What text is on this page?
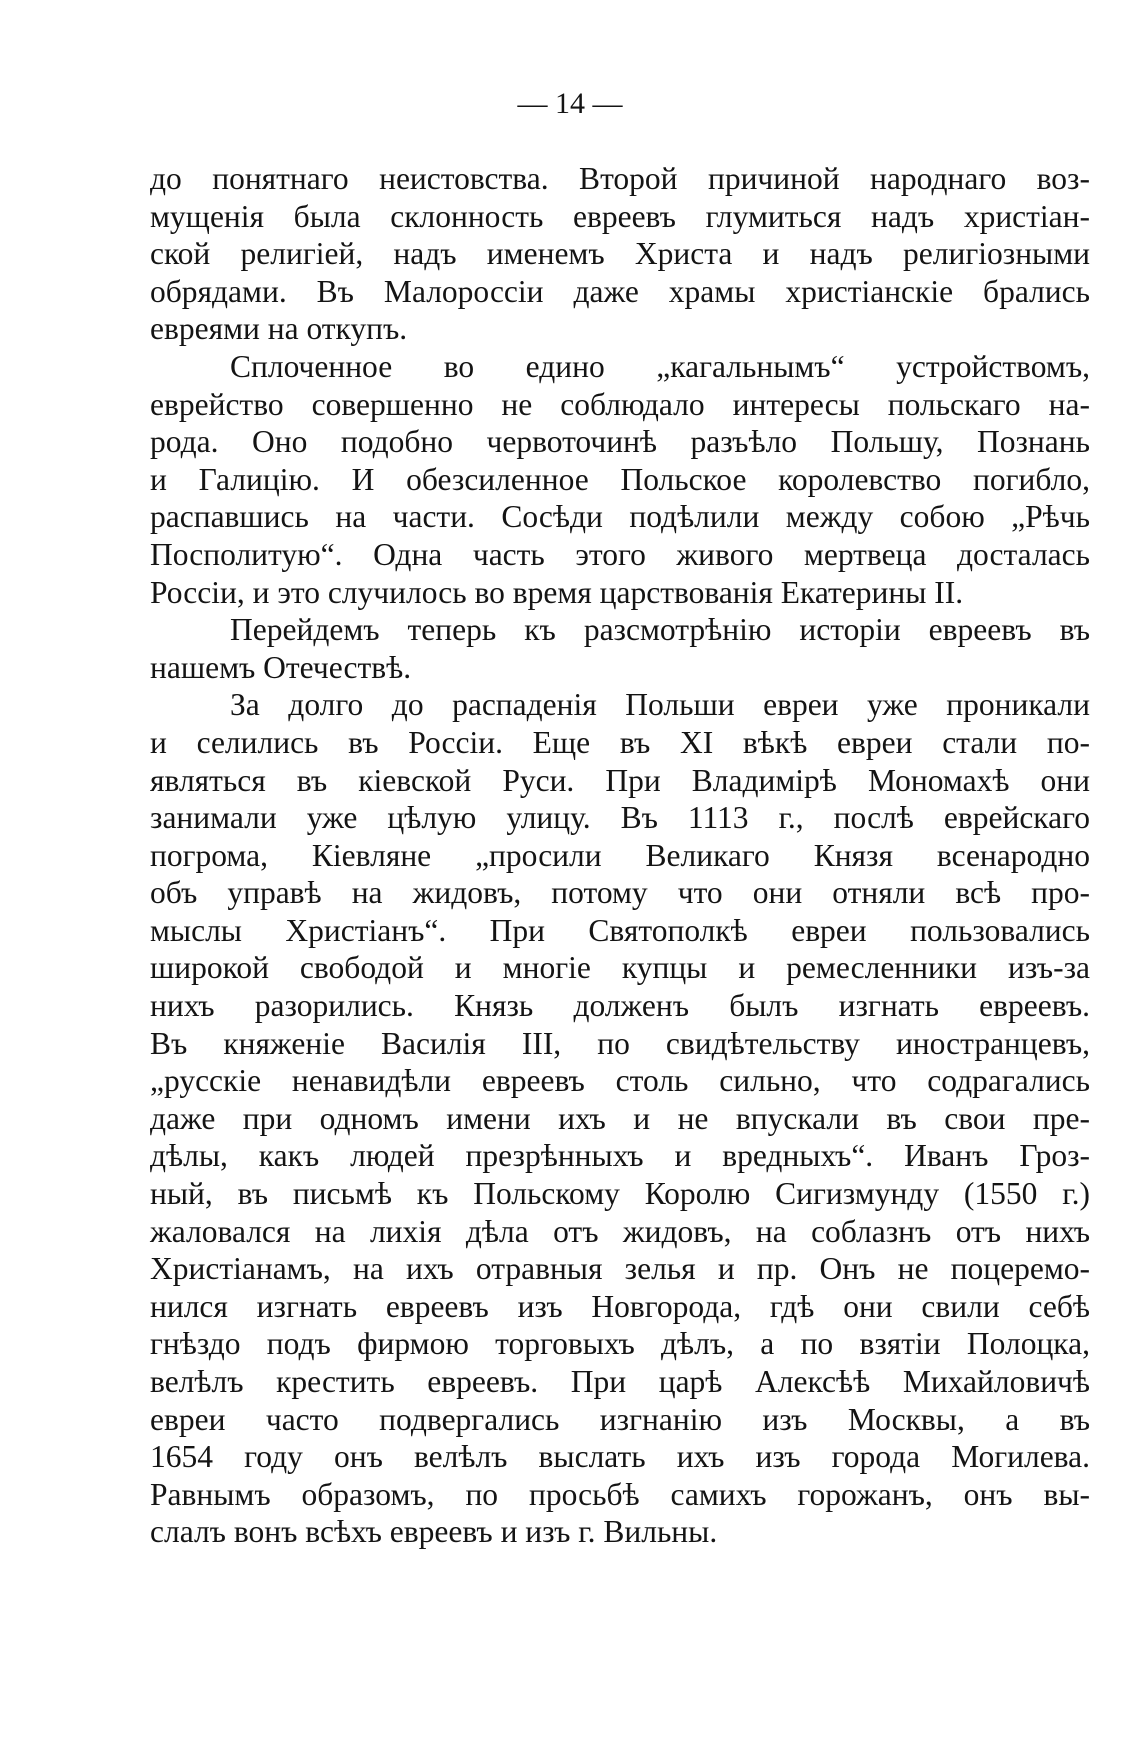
— 14 —
до понятнаго неистовства. Второй причиной народнаго воз-
мущенія была склонность евреевъ глумиться надъ христіан-
ской религіей, надъ именемъ Христа и надъ религіозными
обрядами. Въ Малороссіи даже храмы христіанскіе брались
евреями на откупъ.
Сплоченное во едино „кагальнымъ“ устройствомъ,
еврейство совершенно не соблюдало интересы польскаго на-
рода. Оно подобно червоточинѣ разъѣло Польшу, Познань
и Галицію. И обезсиленное Польское королевство погибло,
распавшись на части. Сосѣди подѣлили между собою „Рѣчь
Посполитую“. Одна часть этого живого мертвеца досталась
Россіи, и это случилось во время царствованія Екатерины II.
Перейдемъ теперь къ разсмотрѣнію исторіи евреевъ въ
нашемъ Отечествѣ.
За долго до распаденія Польши евреи уже проникали
и селились въ Россіи. Еще въ XI вѣкѣ евреи стали по-
являться въ кіевской Руси. При Владимірѣ Мономахѣ они
занимали уже цѣлую улицу. Въ 1113 г., послѣ еврейскаго
погрома, Кіевляне „просили Великаго Князя всенародно
объ управѣ на жидовъ, потому что они отняли всѣ про-
мыслы Христіанъ“. При Святополкѣ евреи пользовались
широкой свободой и многіе купцы и ремесленники изъ-за
нихъ разорились. Князь долженъ былъ изгнать евреевъ.
Въ княженіе Василія III, по свидѣтельству иностранцевъ,
„русскіе ненавидѣли евреевъ столь сильно, что содрагались
даже при одномъ имени ихъ и не впускали въ свои пре-
дѣлы, какъ людей презрѣнныхъ и вредныхъ“. Иванъ Гроз-
ный, въ письмѣ къ Польскому Королю Сигизмунду (1550 г.)
жаловался на лихія дѣла отъ жидовъ, на соблазнъ отъ нихъ
Христіанамъ, на ихъ отравныя зелья и пр. Онъ не поцеремо-
нился изгнать евреевъ изъ Новгорода, гдѣ они свили себѣ
гнѣздо подъ фирмою торговыхъ дѣлъ, а по взятіи Полоцка,
велѣлъ крестить евреевъ. При царѣ Алексѣѣ Михайловичѣ
евреи часто подвергались изгнанію изъ Москвы, а въ
1654 году онъ велѣлъ выслать ихъ изъ города Могилева.
Равнымъ образомъ, по просьбѣ самихъ горожанъ, онъ вы-
слалъ вонъ всѣхъ евреевъ и изъ г. Вильны.
